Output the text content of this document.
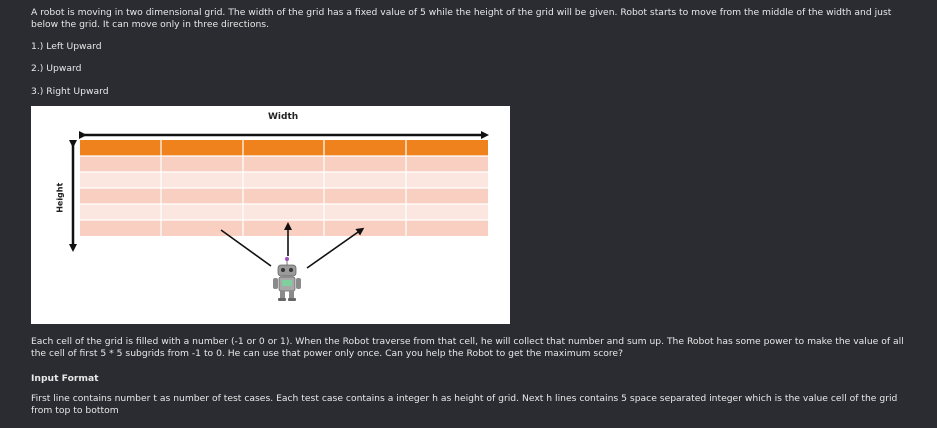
A robot is moving in two dimensional grid. The width of the grid has a fixed value of 5 while the height of the grid will be given. Robot starts to move from the middle of the width and just below the grid. It can move only in three directions.

1.) Left Upward

2.) Upward

3.) Right Upward

Width
Height

Each cell of the grid is filled with a number (-1 or 0 or 1). When the Robot traverse from that cell, he will collect that number and sum up. The Robot has some power to make the value of all the cell of first 5 * 5 subgrids from -1 to 0. He can use that power only once. Can you help the Robot to get the maximum score?

Input Format

First line contains number t as number of test cases. Each test case contains a integer h as height of grid. Next h lines contains 5 space separated integer which is the value cell of the grid from top to bottom
